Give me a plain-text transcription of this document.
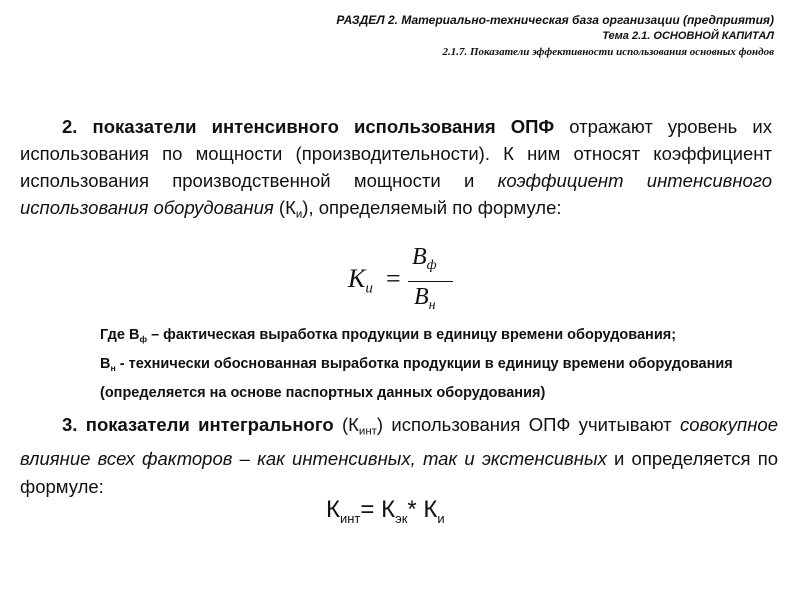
РАЗДЕЛ 2. Материально-техническая база организации (предприятия)
Тема 2.1. ОСНОВНОЙ КАПИТАЛ
2.1.7. Показатели эффективности использования основных фондов
2. показатели интенсивного использования ОПФ отражают уровень их использования по мощности (производительности). К ним относят коэффициент использования производственной мощности и коэффициент интенсивного использования оборудования $(К_и)$, определяемый по формуле:
$K_и$ =
$B_ф$
$B_н$
Где $В_ф$ – фактическая выработка продукции в единицу времени оборудования;
$В_н$ - технически обоснованная выработка продукции в единицу времени оборудования
(определяется на основе паспортных данных оборудования)
3. показатели интегрального $(К_{инт})$ использования ОПФ учитывают совокупное влияние всех факторов – как интенсивных, так и экстенсивных и определяется по формуле:
$К_{инт}= К_{эк}*$ $К_и$
